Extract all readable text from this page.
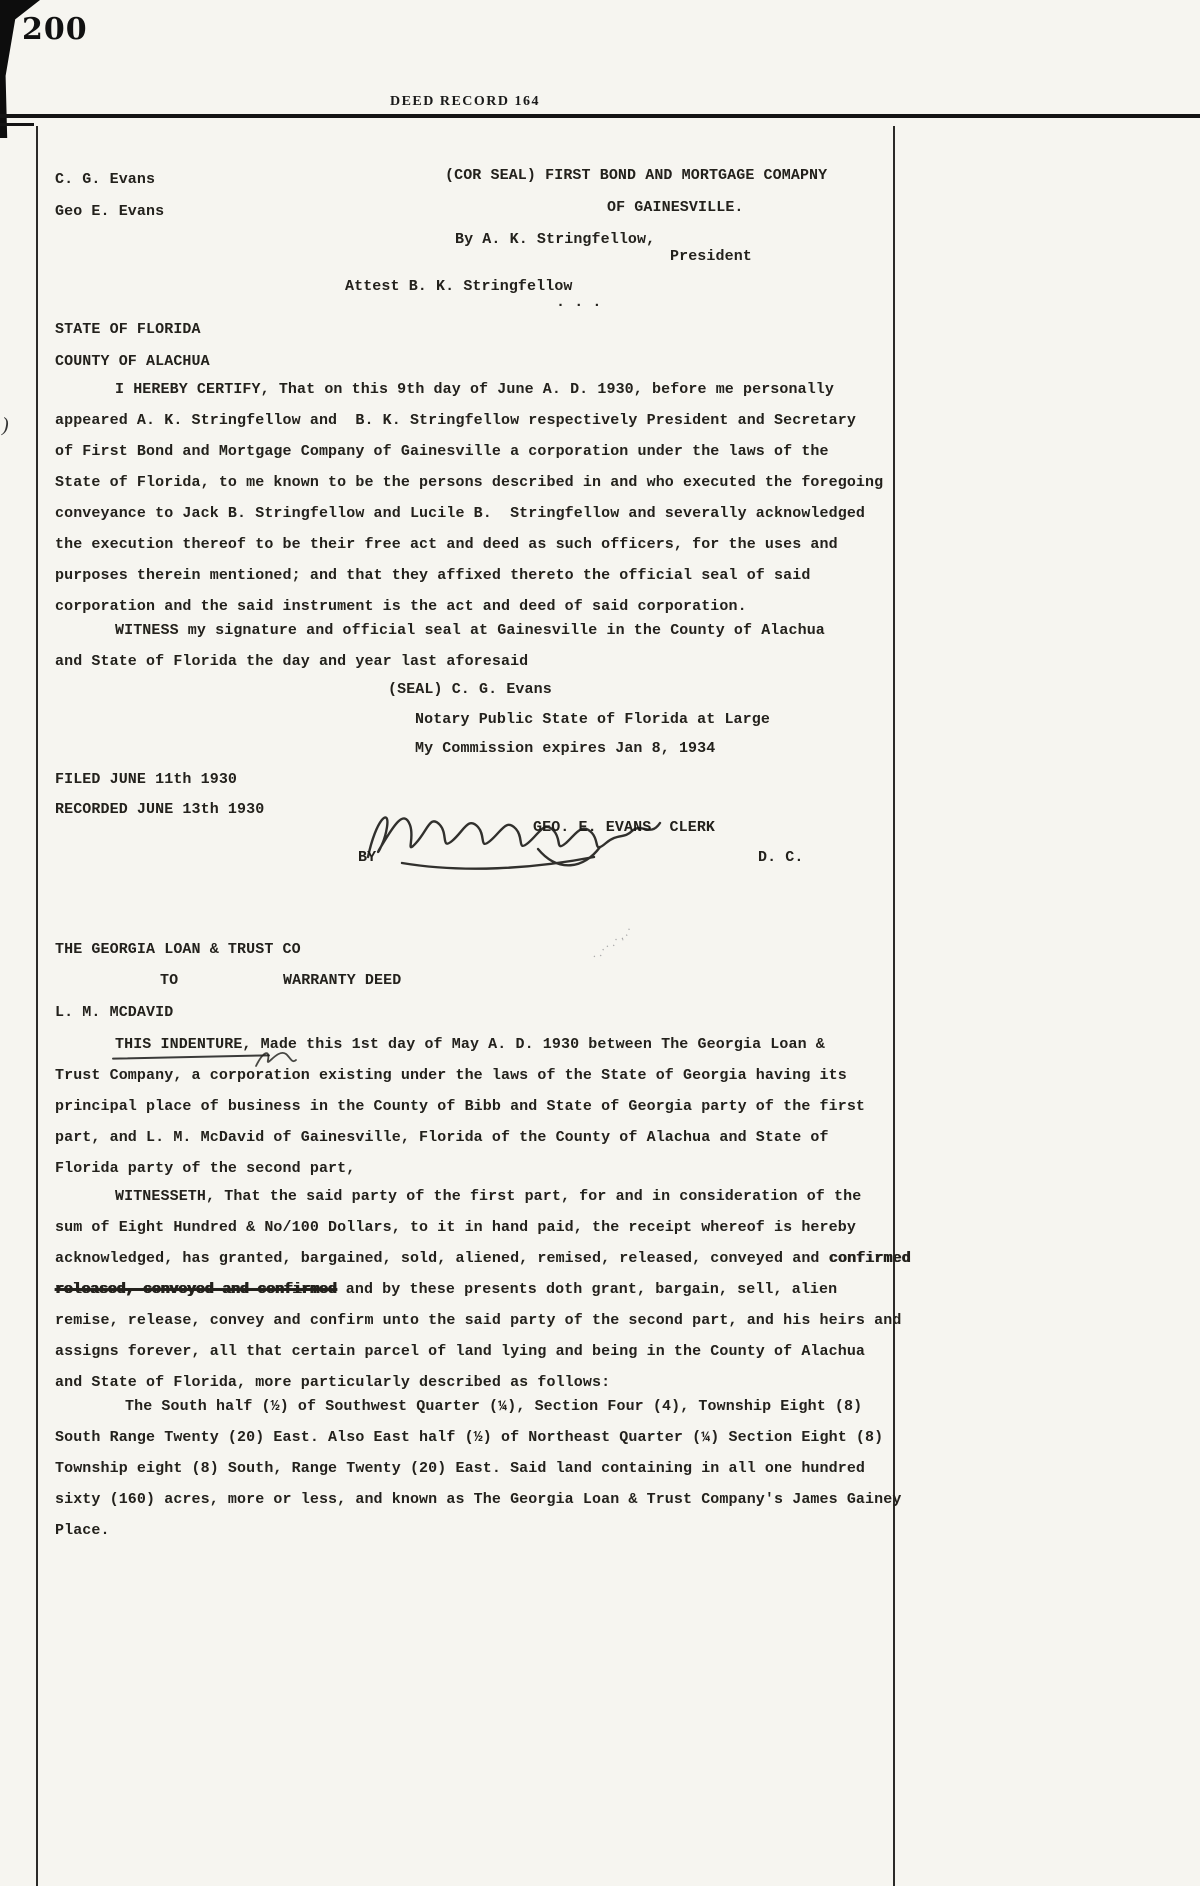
200
DEED RECORD 164
)
C. G. Evans
Geo E. Evans
(COR SEAL) FIRST BOND AND MORTGAGE COMAPNY
OF GAINESVILLE.
By A. K. Stringfellow,
President
Attest B. K. Stringfellow
. . .
STATE OF FLORIDA
COUNTY OF ALACHUA
I HEREBY CERTIFY, That on this 9th day of June A. D. 1930, before me personally
appeared A. K. Stringfellow and  B. K. Stringfellow respectively President and Secretary
of First Bond and Mortgage Company of Gainesville a corporation under the laws of the
State of Florida, to me known to be the persons described in and who executed the foregoing
conveyance to Jack B. Stringfellow and Lucile B.  Stringfellow and severally acknowledged
the execution thereof to be their free act and deed as such officers, for the uses and
purposes therein mentioned; and that they affixed thereto the official seal of said
corporation and the said instrument is the act and deed of said corporation.
WITNESS my signature and official seal at Gainesville in the County of Alachua
and State of Florida the day and year last aforesaid
(SEAL) C. G. Evans
Notary Public State of Florida at Large
My Commission expires Jan 8, 1934
FILED JUNE 11th 1930
RECORDED JUNE 13th 1930
GEO. E. EVANS  CLERK
BY	D. C.
THE GEORGIA LOAN & TRUST CO
TO	WARRANTY DEED
·.··.·,.·
L. M. MCDAVID
THIS INDENTURE, Made this 1st day of May A. D. 1930 between The Georgia Loan &
Trust Company, a corporation existing under the laws of the State of Georgia having its
principal place of business in the County of Bibb and State of Georgia party of the first
part, and L. M. McDavid of Gainesville, Florida of the County of Alachua and State of
Florida party of the second part,
WITNESSETH, That the said party of the first part, for and in consideration of the
sum of Eight Hundred & No/100 Dollars, to it in hand paid, the receipt whereof is hereby
acknowledged, has granted, bargained, sold, aliened, remised, released, conveyed and confirmed
released, conveyed and confirmed and by these presents doth grant, bargain, sell, alien
remise, release, convey and confirm unto the said party of the second part, and his heirs and
assigns forever, all that certain parcel of land lying and being in the County of Alachua
and State of Florida, more particularly described as follows:
The South half (½) of Southwest Quarter (¼), Section Four (4), Township Eight (8)
South Range Twenty (20) East. Also East half (½) of Northeast Quarter (¼) Section Eight (8)
Township eight (8) South, Range Twenty (20) East. Said land containing in all one hundred
sixty (160) acres, more or less, and known as The Georgia Loan & Trust Company's James Gainey
Place.
